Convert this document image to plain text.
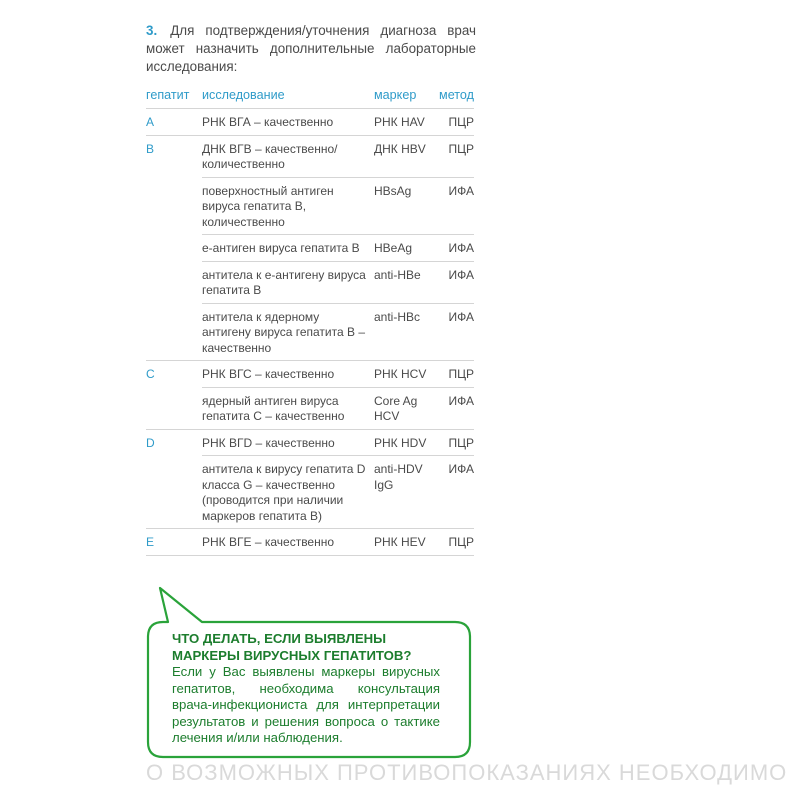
3. Для подтверждения/уточнения диагноза врач может назначить дополнительные лабораторные исследования:

гепатит	исследование	маркер	метод
A	РНК ВГА – качественно	РНК HAV	ПЦР
B	ДНК ВГВ – качественно/ количественно	ДНК HBV	ПЦР
	поверхностный антиген вируса гепатита В, количественно	HBsAg	ИФА
	е-антиген вируса гепатита В	HBeAg	ИФА
	антитела к е-антигену вируса гепатита В	anti-HBe	ИФА
	антитела к ядерному антигену вируса гепатита В – качественно	anti-HBc	ИФА
C	РНК ВГС – качественно	РНК HCV	ПЦР
	ядерный антиген вируса гепатита С – качественно	Core Ag HCV	ИФА
D	РНК ВГD – качественно	РНК HDV	ПЦР
	антитела к вирусу гепатита D класса G – качественно (проводится при наличии маркеров гепатита В)	anti-HDV IgG	ИФА
E	РНК ВГЕ – качественно	РНК HEV	ПЦР
ЧТО ДЕЛАТЬ, ЕСЛИ ВЫЯВЛЕНЫ МАРКЕРЫ ВИРУСНЫХ ГЕПАТИТОВ?
Если у Вас выявлены маркеры вирусных гепатитов, необходима консультация врача-инфекциониста для интерпретации результатов и решения вопроса о тактике лечения и/или наблюдения.
О ВОЗМОЖНЫХ ПРОТИВОПОКАЗАНИЯХ НЕОБХОДИМО
